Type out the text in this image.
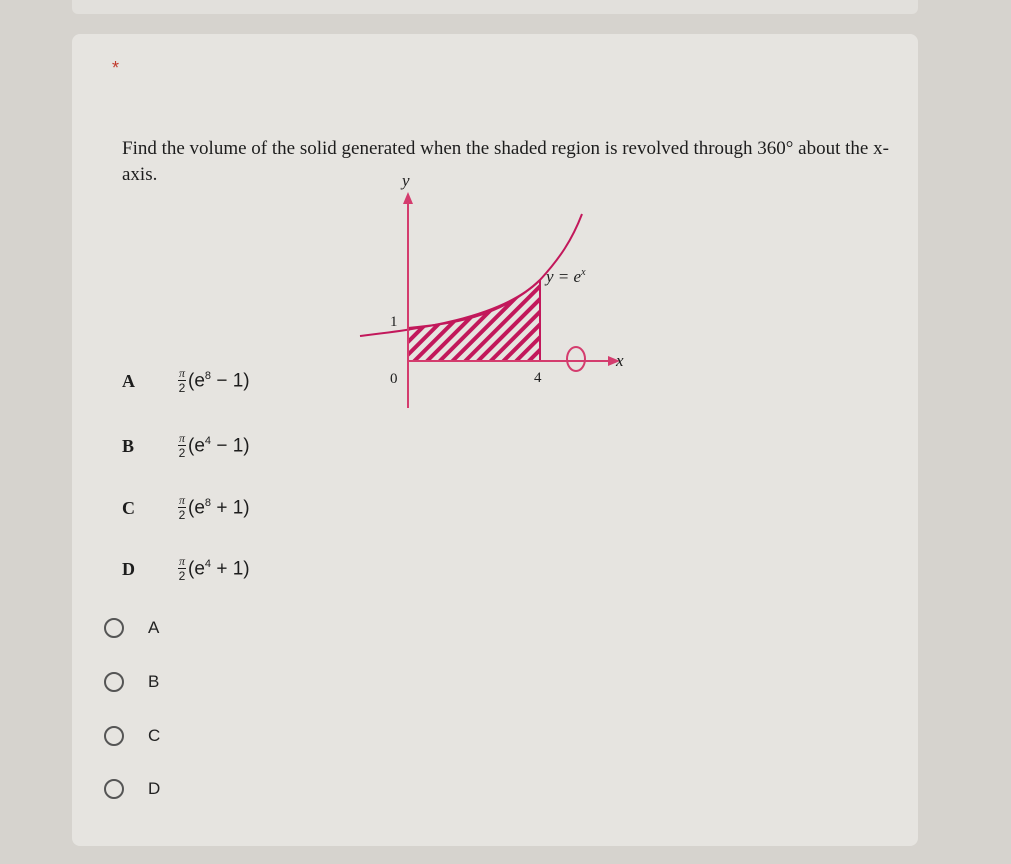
*
Find the volume of the solid generated when the shaded region is revolved through 360° about the x-axis.	y
x
$y = e^x$
1
0	4
A	$\frac{\pi}{2} (e^8 - 1)$
B	$\frac{\pi}{2} (e^4 - 1)$
C	$\frac{\pi}{2} (e^8 + 1)$
D	$\frac{\pi}{2} (e^4 + 1)$
A
B
C
D
